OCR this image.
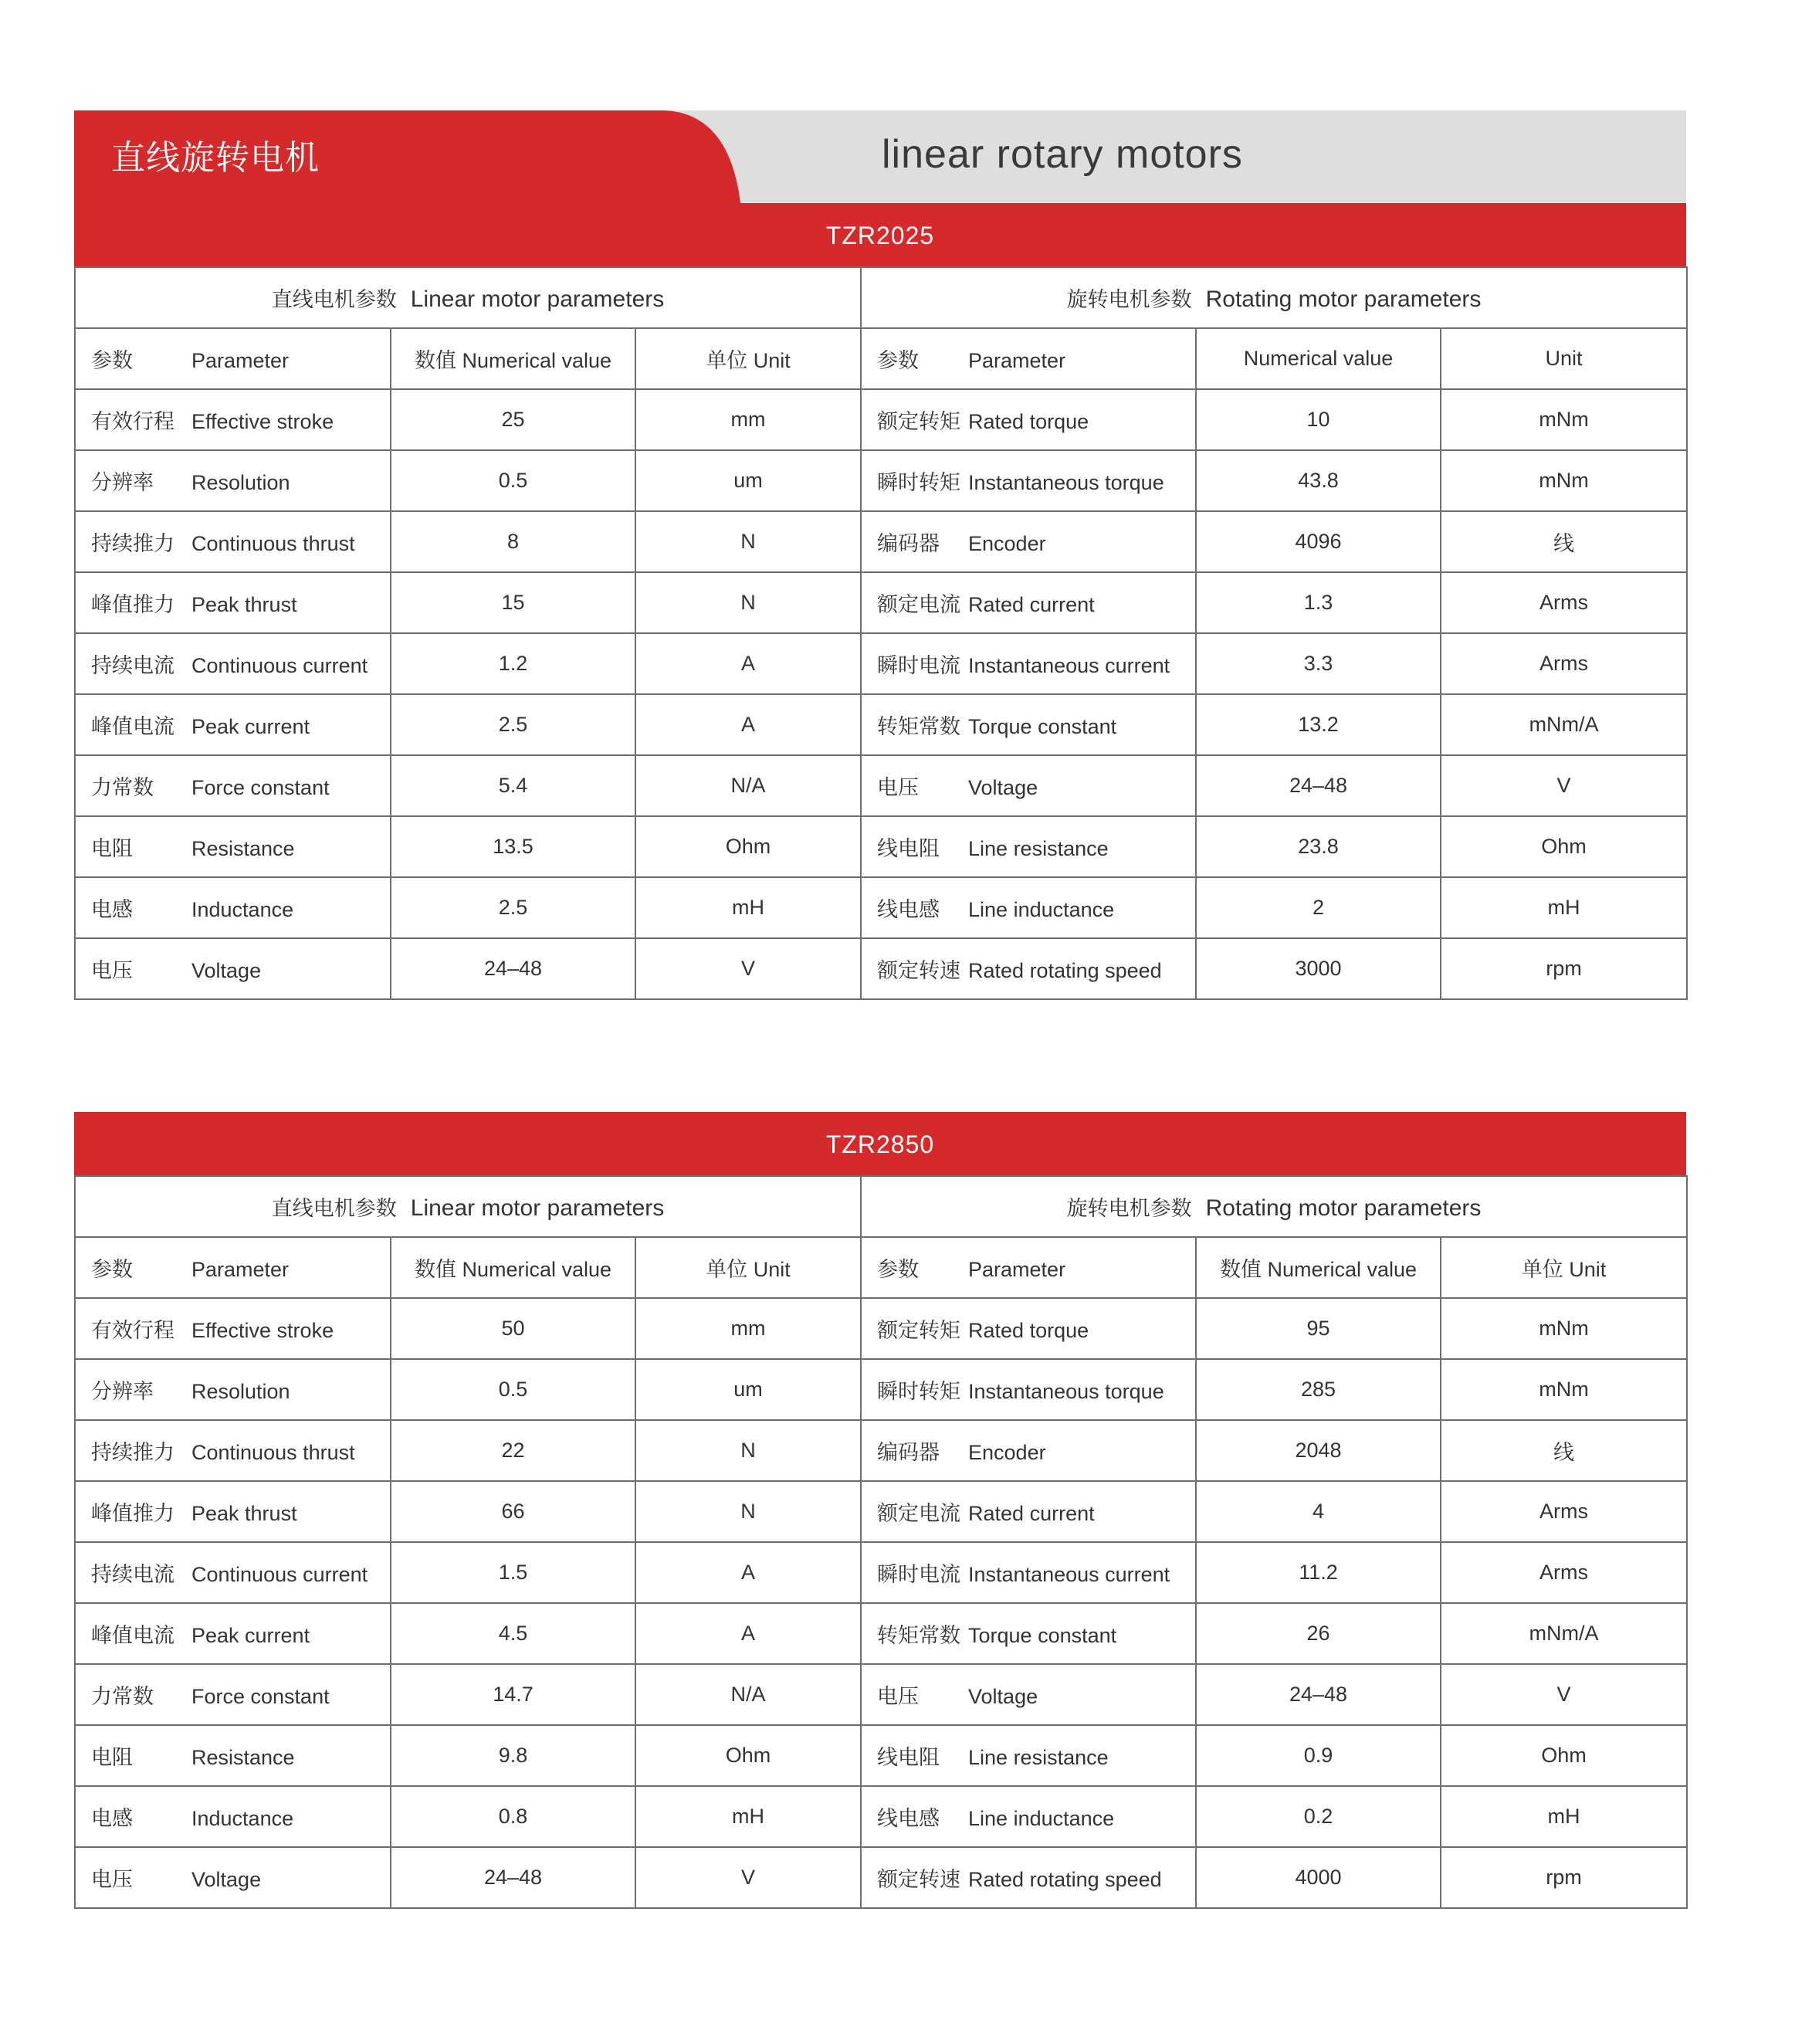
直线旋转电机	linear rotary motors
TZR2025
直线电机参数 Linear motor parameters			旋转电机参数 Rotating motor parameters		
参数 Parameter	数值 Numerical value	单位 Unit	参数 Parameter	Numerical value	Unit
有效行程 Effective stroke	25	mm	额定转矩 Rated torque	10	mNm
分辨率 Resolution	0.5	um	瞬时转矩 Instantaneous torque	43.8	mNm
持续推力 Continuous thrust	8	N	编码器 Encoder	4096	线
峰值推力 Peak thrust	15	N	额定电流 Rated current	1.3	Arms
持续电流 Continuous current	1.2	A	瞬时电流 Instantaneous current	3.3	Arms
峰值电流 Peak current	2.5	A	转矩常数 Torque constant	13.2	mNm/A
力常数 Force constant	5.4	N/A	电压 Voltage	24–48	V
电阻 Resistance	13.5	Ohm	线电阻 Line resistance	23.8	Ohm
电感 Inductance	2.5	mH	线电感 Line inductance	2	mH
电压 Voltage	24–48	V	额定转速 Rated rotating speed	3000	rpm
TZR2850
直线电机参数 Linear motor parameters			旋转电机参数 Rotating motor parameters		
参数 Parameter	数值 Numerical value	单位 Unit	参数 Parameter	数值 Numerical value	单位 Unit
有效行程 Effective stroke	50	mm	额定转矩 Rated torque	95	mNm
分辨率 Resolution	0.5	um	瞬时转矩 Instantaneous torque	285	mNm
持续推力 Continuous thrust	22	N	编码器 Encoder	2048	线
峰值推力 Peak thrust	66	N	额定电流 Rated current	4	Arms
持续电流 Continuous current	1.5	A	瞬时电流 Instantaneous current	11.2	Arms
峰值电流 Peak current	4.5	A	转矩常数 Torque constant	26	mNm/A
力常数 Force constant	14.7	N/A	电压 Voltage	24–48	V
电阻 Resistance	9.8	Ohm	线电阻 Line resistance	0.9	Ohm
电感 Inductance	0.8	mH	线电感 Line inductance	0.2	mH
电压 Voltage	24–48	V	额定转速 Rated rotating speed	4000	rpm
